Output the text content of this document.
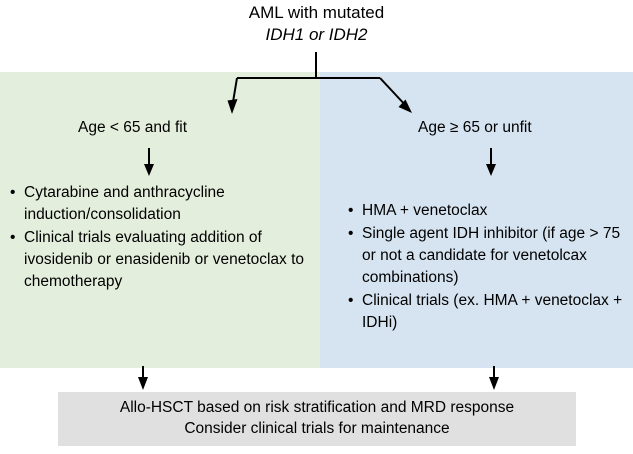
AML with mutated
IDH1 or IDH2
Age < 65 and fit	Age ≥ 65 or unfit
• Cytarabine and anthracycline induction/consolidation
• Clinical trials evaluating addition of ivosidenib or enasidenib or venetoclax to chemotherapy
• HMA + venetoclax
• Single agent IDH inhibitor (if age > 75 or not a candidate for venetolcax combinations)
• Clinical trials (ex. HMA + venetoclax + IDHi)
Allo-HSCT based on risk stratification and MRD response
Consider clinical trials for maintenance
